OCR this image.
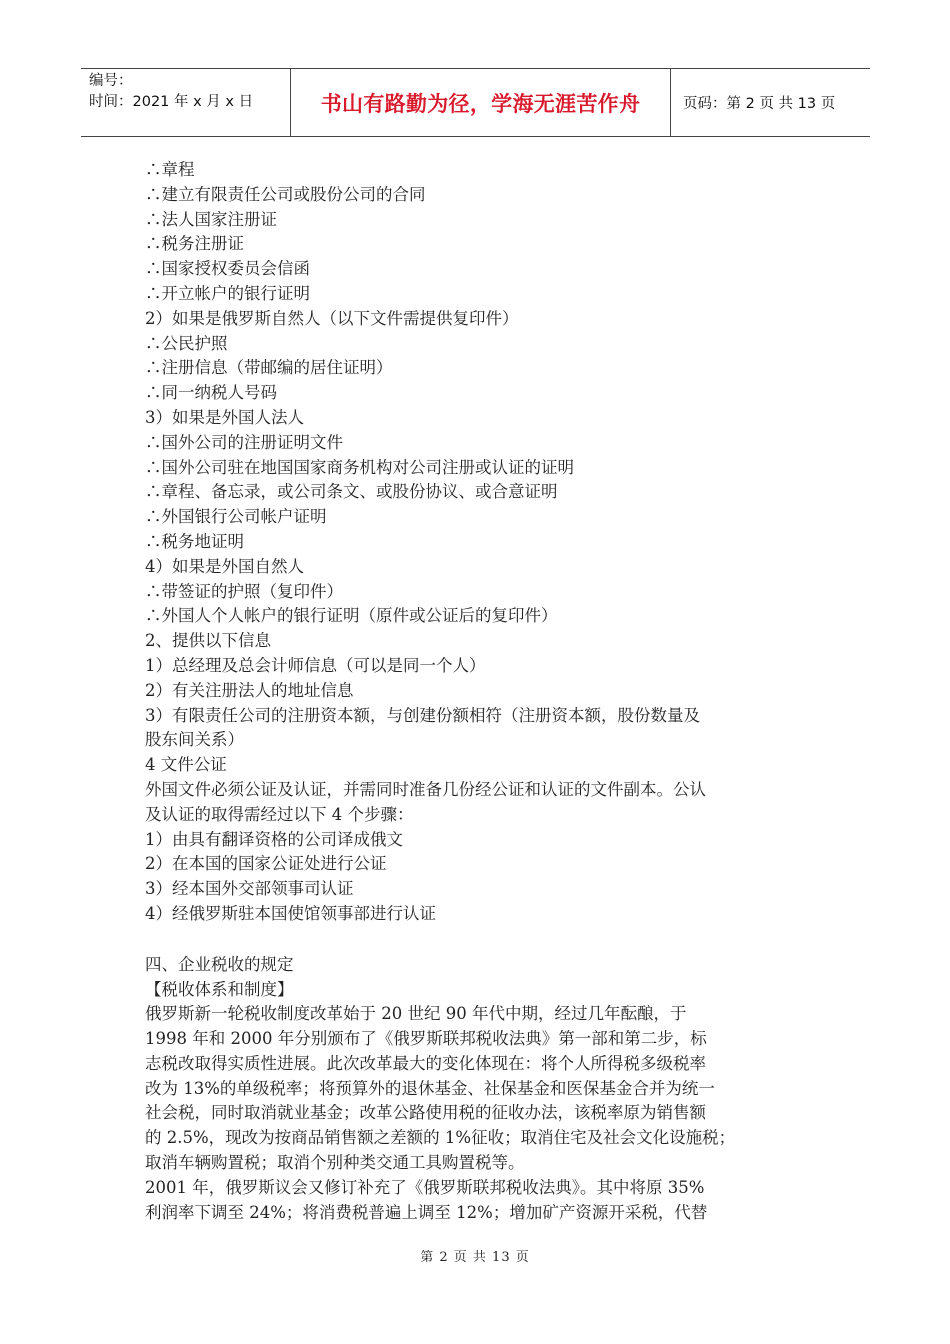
编号：
时间：2021 年 x 月 x 日	书山有路勤为径，学海无涯苦作舟	页码：第 2 页 共 13 页
∴章程
∴建立有限责任公司或股份公司的合同
∴法人国家注册证
∴税务注册证
∴国家授权委员会信函
∴开立帐户的银行证明
2）如果是俄罗斯自然人（以下文件需提供复印件）
∴公民护照
∴注册信息（带邮编的居住证明）
∴同一纳税人号码
3）如果是外国人法人
∴国外公司的注册证明文件
∴国外公司驻在地国国家商务机构对公司注册或认证的证明
∴章程、备忘录，或公司条文、或股份协议、或合意证明
∴外国银行公司帐户证明
∴税务地证明
4）如果是外国自然人
∴带签证的护照（复印件）
∴外国人个人帐户的银行证明（原件或公证后的复印件）
2、提供以下信息
1）总经理及总会计师信息（可以是同一个人）
2）有关注册法人的地址信息
3）有限责任公司的注册资本额，与创建份额相符（注册资本额，股份数量及
股东间关系）
4 文件公证
外国文件必须公证及认证，并需同时准备几份经公证和认证的文件副本。公认
及认证的取得需经过以下 4 个步骤：
1）由具有翻译资格的公司译成俄文
2）在本国的国家公证处进行公证
3）经本国外交部领事司认证
4）经俄罗斯驻本国使馆领事部进行认证
四、企业税收的规定
【税收体系和制度】
俄罗斯新一轮税收制度改革始于 20 世纪 90 年代中期，经过几年酝酿，于
1998 年和 2000 年分别颁布了《俄罗斯联邦税收法典》第一部和第二步，标
志税改取得实质性进展。此次改革最大的变化体现在：将个人所得税多级税率
改为 13%的单级税率；将预算外的退休基金、社保基金和医保基金合并为统一
社会税，同时取消就业基金；改革公路使用税的征收办法，该税率原为销售额
的 2.5%，现改为按商品销售额之差额的 1%征收；取消住宅及社会文化设施税；
取消车辆购置税；取消个别种类交通工具购置税等。
2001 年，俄罗斯议会又修订补充了《俄罗斯联邦税收法典》。其中将原 35%
利润率下调至 24%；将消费税普遍上调至 12%；增加矿产资源开采税，代替
第 2 页 共 13 页
